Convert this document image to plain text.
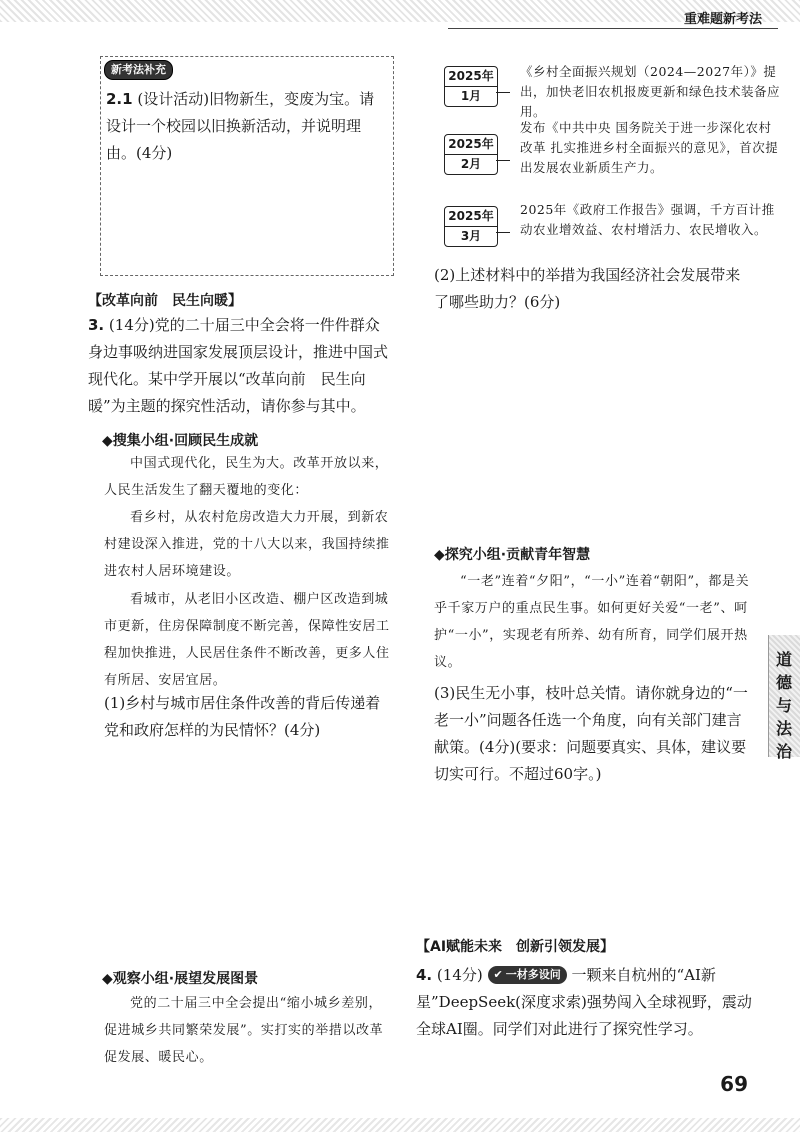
重难题新考法
新考法补充
2.1 (设计活动)旧物新生，变废为宝。请设计一个校园以旧换新活动，并说明理由。(4分)
2025年
1月
《乡村全面振兴规划（2024—2027年）》提出，加快老旧农机报废更新和绿色技术装备应用。
2025年
2月
发布《中共中央 国务院关于进一步深化农村改革 扎实推进乡村全面振兴的意见》，首次提出发展农业新质生产力。
2025年
3月
2025年《政府工作报告》强调，千方百计推动农业增效益、农村增活力、农民增收入。
(2)上述材料中的举措为我国经济社会发展带来了哪些助力？(6分)
【改革向前　民生向暖】
3. (14分)党的二十届三中全会将一件件群众身边事吸纳进国家发展顶层设计，推进中国式现代化。某中学开展以“改革向前　民生向暖”为主题的探究性活动，请你参与其中。
◆搜集小组·回顾民生成就
中国式现代化，民生为大。改革开放以来，人民生活发生了翻天覆地的变化：
看乡村，从农村危房改造大力开展，到新农村建设深入推进，党的十八大以来，我国持续推进农村人居环境建设。
看城市，从老旧小区改造、棚户区改造到城市更新，住房保障制度不断完善，保障性安居工程加快推进，人民居住条件不断改善，更多人住有所居、安居宜居。
(1)乡村与城市居住条件改善的背后传递着党和政府怎样的为民情怀？(4分)
◆观察小组·展望发展图景
党的二十届三中全会提出“缩小城乡差别，促进城乡共同繁荣发展”。实打实的举措以改革促发展、暖民心。
◆探究小组·贡献青年智慧
“一老”连着“夕阳”，“一小”连着“朝阳”，都是关乎千家万户的重点民生事。如何更好关爱“一老”、呵护“一小”，实现老有所养、幼有所育，同学们展开热议。
(3)民生无小事，枝叶总关情。请你就身边的“一老一小”问题各任选一个角度，向有关部门建言献策。(4分)(要求：问题要真实、具体，建议要切实可行。不超过60字。)
【AI赋能未来　创新引领发展】
4. (14分) ✔ 一材多设问 一颗来自杭州的“AI新星”DeepSeek(深度求索)强势闯入全球视野，震动全球AI圈。同学们对此进行了探究性学习。
道德与法治
69
